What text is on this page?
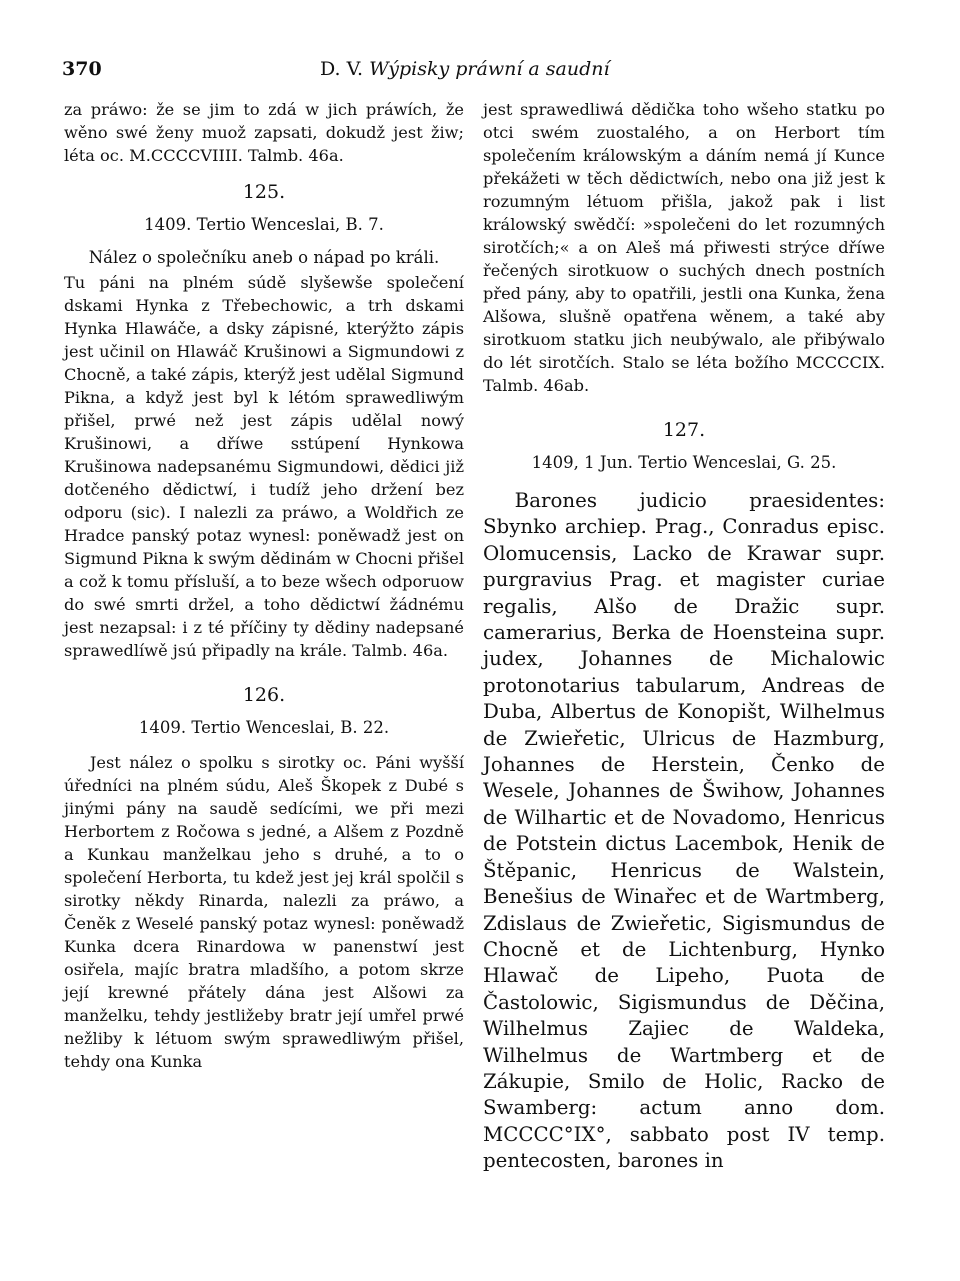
370	D. V. Wýpisky práwní a saudní

za práwo: že se jim to zdá w jich práwích, že wěno swé ženy muož zapsati, dokudž jest žiw; léta oc. M.CCCCVIIII. Talmb. 46a.

125.

1409. Tertio Wenceslai, B. 7.

Nález o společníku aneb o nápad po králi.

Tu páni na plném súdě slyšewše společení dskami Hynka z Třebechowic, a trh dskami Hynka Hlawáče, a dsky zápisné, kterýžto zápis jest učinil on Hlawáč Krušinowi a Sigmundowi z Chocně, a také zápis, kterýž jest udělal Sigmund Pikna, a když jest byl k létóm sprawedliwým přišel, prwé než jest zápis udělal nowý Krušinowi, a dříwe sstúpení Hynkowa Krušinowa nadepsanému Sigmundowi, dědici již dotčeného dědictwí, i tudíž jeho držení bez odporu (sic). I nalezli za práwo, a Woldřich ze Hradce panský potaz wynesl: poněwadž jest on Sigmund Pikna k swým dědinám w Chocni přišel a což k tomu přísluší, a to beze wšech odporuow do swé smrti držel, a toho dědictwí žádnému jest nezapsal: i z té příčiny ty dědiny nadepsané sprawedlíwě jsú připadly na krále. Talmb. 46a.

126.

1409. Tertio Wenceslai, B. 22.

Jest nález o spolku s sirotky oc. Páni wyšší úředníci na plném súdu, Aleš Škopek z Dubé s jinými pány na saudě sedícími, we při mezi Herbortem z Ročowa s jedné, a Alšem z Pozdně a Kunkau manželkau jeho s druhé, a to o společení Herborta, tu kdež jest jej král spolčil s sirotky někdy Rinarda, nalezli za práwo, a Čeněk z Weselé panský potaz wynesl: poněwadž Kunka dcera Rinardowa w panenstwí jest osiřela, majíc bratra mladšího, a potom skrze její krewné přátely dána jest Alšowi za manželku, tehdy jestližeby bratr její umřel prwé nežliby k létuom swým sprawedliwým přišel, tehdy ona Kunka

jest sprawedliwá dědička toho wšeho statku po otci swém zuostalého, a on Herbort tím společením králowským a dáním nemá jí Kunce překážeti w těch dědictwích, nebo ona již jest k rozumným létuom přišla, jakož pak i list králowský swědčí: »společeni do let rozumných sirotčích;« a on Aleš má přiwesti strýce dříwe řečených sirotkuow o suchých dnech postních před pány, aby to opatřili, jestli ona Kunka, žena Alšowa, slušně opatřena wěnem, a také aby sirotkuom statku jich neubýwalo, ale přibýwalo do lét sirotčích. Stalo se léta božího MCCCCIX. Talmb. 46ab.

127.

1409, 1 Jun. Tertio Wenceslai, G. 25.

Barones judicio praesidentes: Sbynko archiep. Prag., Conradus episc. Olomucensis, Lacko de Krawar supr. purgravius Prag. et magister curiae regalis, Alšo de Dražic supr. camerarius, Berka de Hoensteina supr. judex, Johannes de Michalowic protonotarius tabularum, Andreas de Duba, Albertus de Konopišt, Wilhelmus de Zwieřetic, Ulricus de Hazmburg, Johannes de Herstein, Čenko de Wesele, Johannes de Šwihow, Johannes de Wilhartic et de Novadomo, Henricus de Potstein dictus Lacembok, Henik de Štěpanic, Henricus de Walstein, Benešius de Winařec et de Wartmberg, Zdislaus de Zwieřetic, Sigismundus de Chocně et de Lichtenburg, Hynko Hlawač de Lipeho, Puota de Častolowic, Sigismundus de Děčina, Wilhelmus Zajiec de Waldeka, Wilhelmus de Wartmberg et de Zákupie, Smilo de Holic, Racko de Swamberg: actum anno dom. MCCCC°IX°, sabbato post IV temp. pentecosten, barones in
